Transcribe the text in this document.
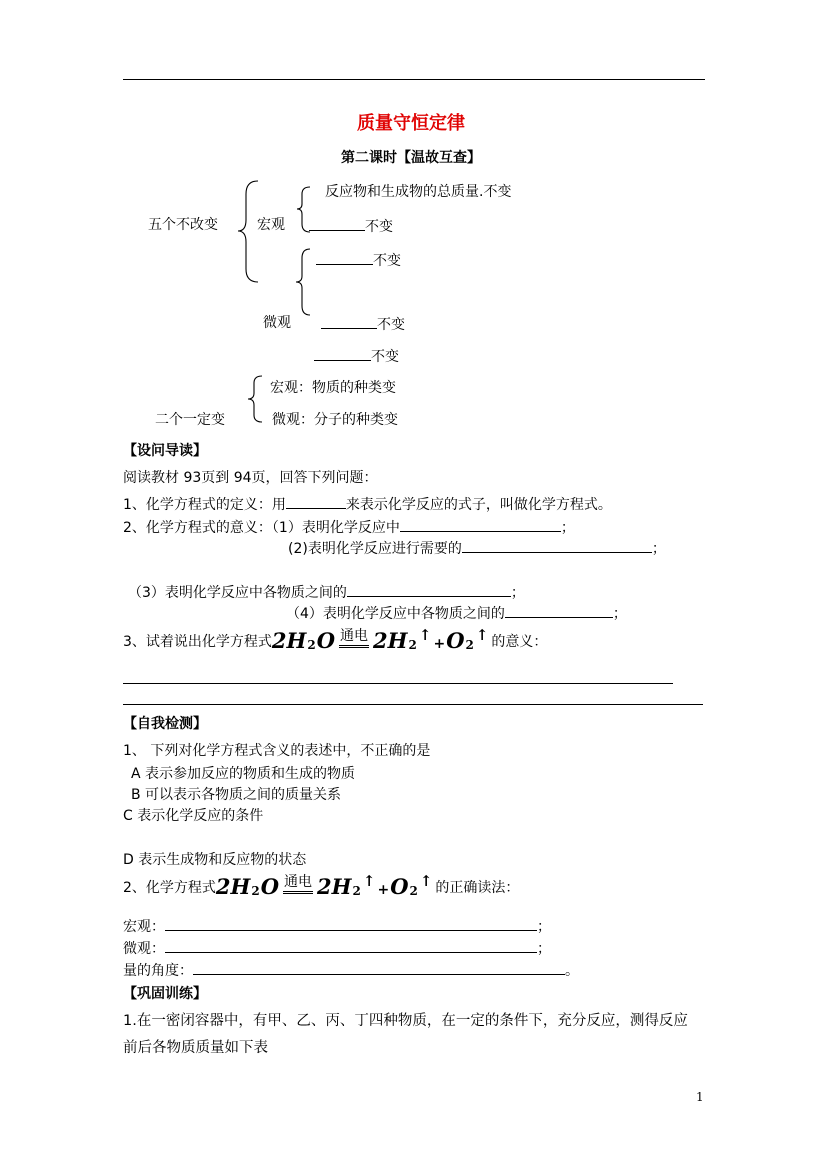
质量守恒定律
第二课时【温故互查】
五个不改变	宏观
反应物和生成物的总质量.不变
不变
不变
微观	不变
不变
宏观：物质的种类变
二个一定变	微观：分子的种类变
【设问导读】
阅读教材 93页到 94页，回答下列问题：
1、化学方程式的定义：用	来表示化学反应的式子，叫做化学方程式。
2、化学方程式的意义：（1）表明化学反应中	；
(2)表明化学反应进行需要的	；
（3）表明化学反应中各物质之间的	；
（4）表明化学反应中各物质之间的	；
3、试着说出化学方程式 2 H 2 O 通电 2 H 2
↑ + O 2
↑ 的意义：
【自我检测】
1、 下列对化学方程式含义的表述中，不正确的是
A 表示参加反应的物质和生成的物质
B 可以表示各物质之间的质量关系
C 表示化学反应的条件
D 表示生成物和反应物的状态
2、化学方程式 2 H 2 O 通电 2 H 2
↑ + O 2
↑ 的正确读法：
宏观：	；
微观：	；
量的角度：	。
【巩固训练】
1.在一密闭容器中，有甲、乙、丙、丁四种物质，在一定的条件下，充分反应，测得反应
前后各物质质量如下表
1
